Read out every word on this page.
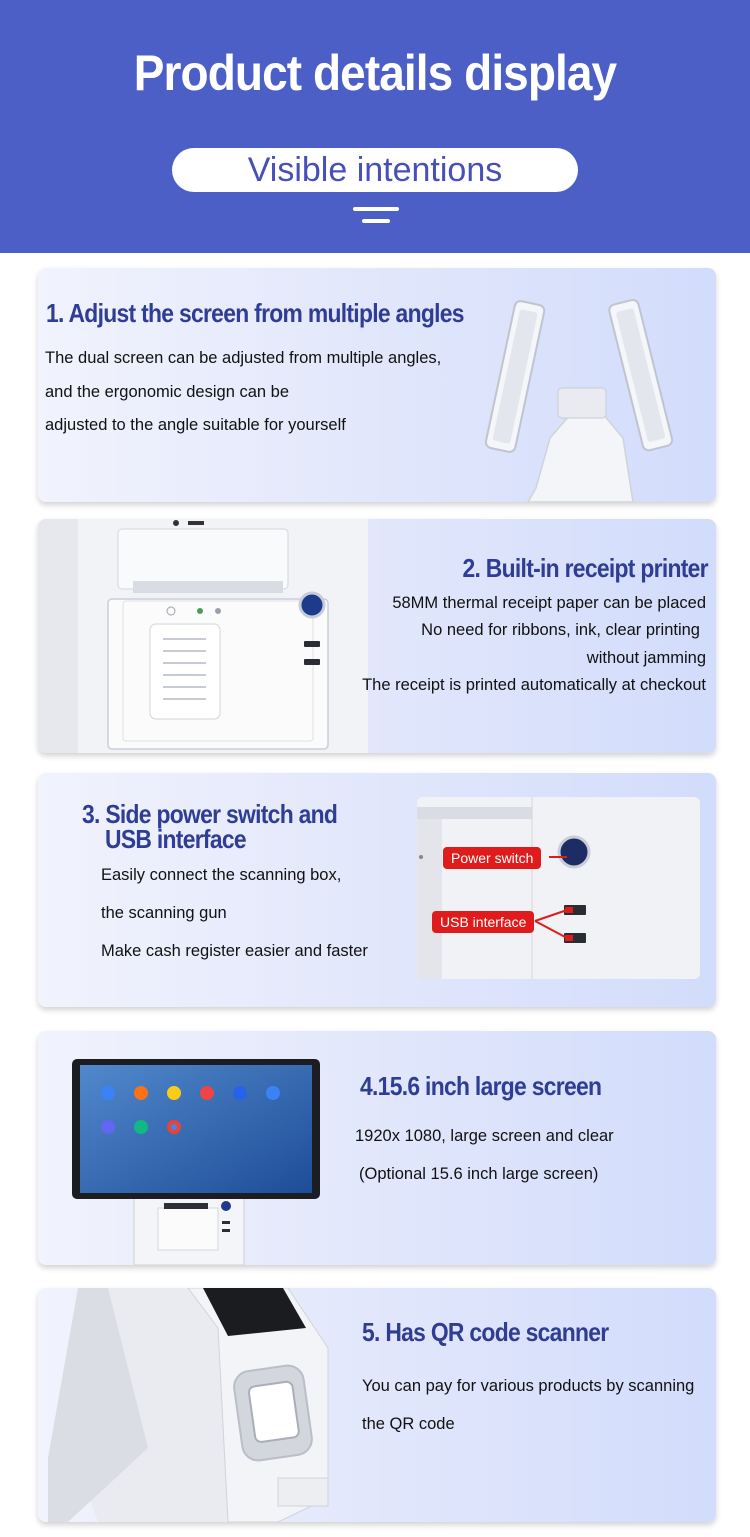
Product details display
Visible intentions
1. Adjust the screen from multiple angles
The dual screen can be adjusted from multiple angles,
and the ergonomic design can be
adjusted to the angle suitable for yourself
2. Built-in receipt printer
58MM thermal receipt paper can be placed
No need for ribbons, ink, clear printing
without jamming
The receipt is printed automatically at checkout
3. Side power switch and
USB interface
Easily connect the scanning box,
the scanning gun
Make cash register easier and faster
Power switch
USB interface
4.15.6 inch large screen
1920x 1080, large screen and clear
(Optional 15.6 inch large screen)
5. Has QR code scanner
You can pay for various products by scanning
the QR code
